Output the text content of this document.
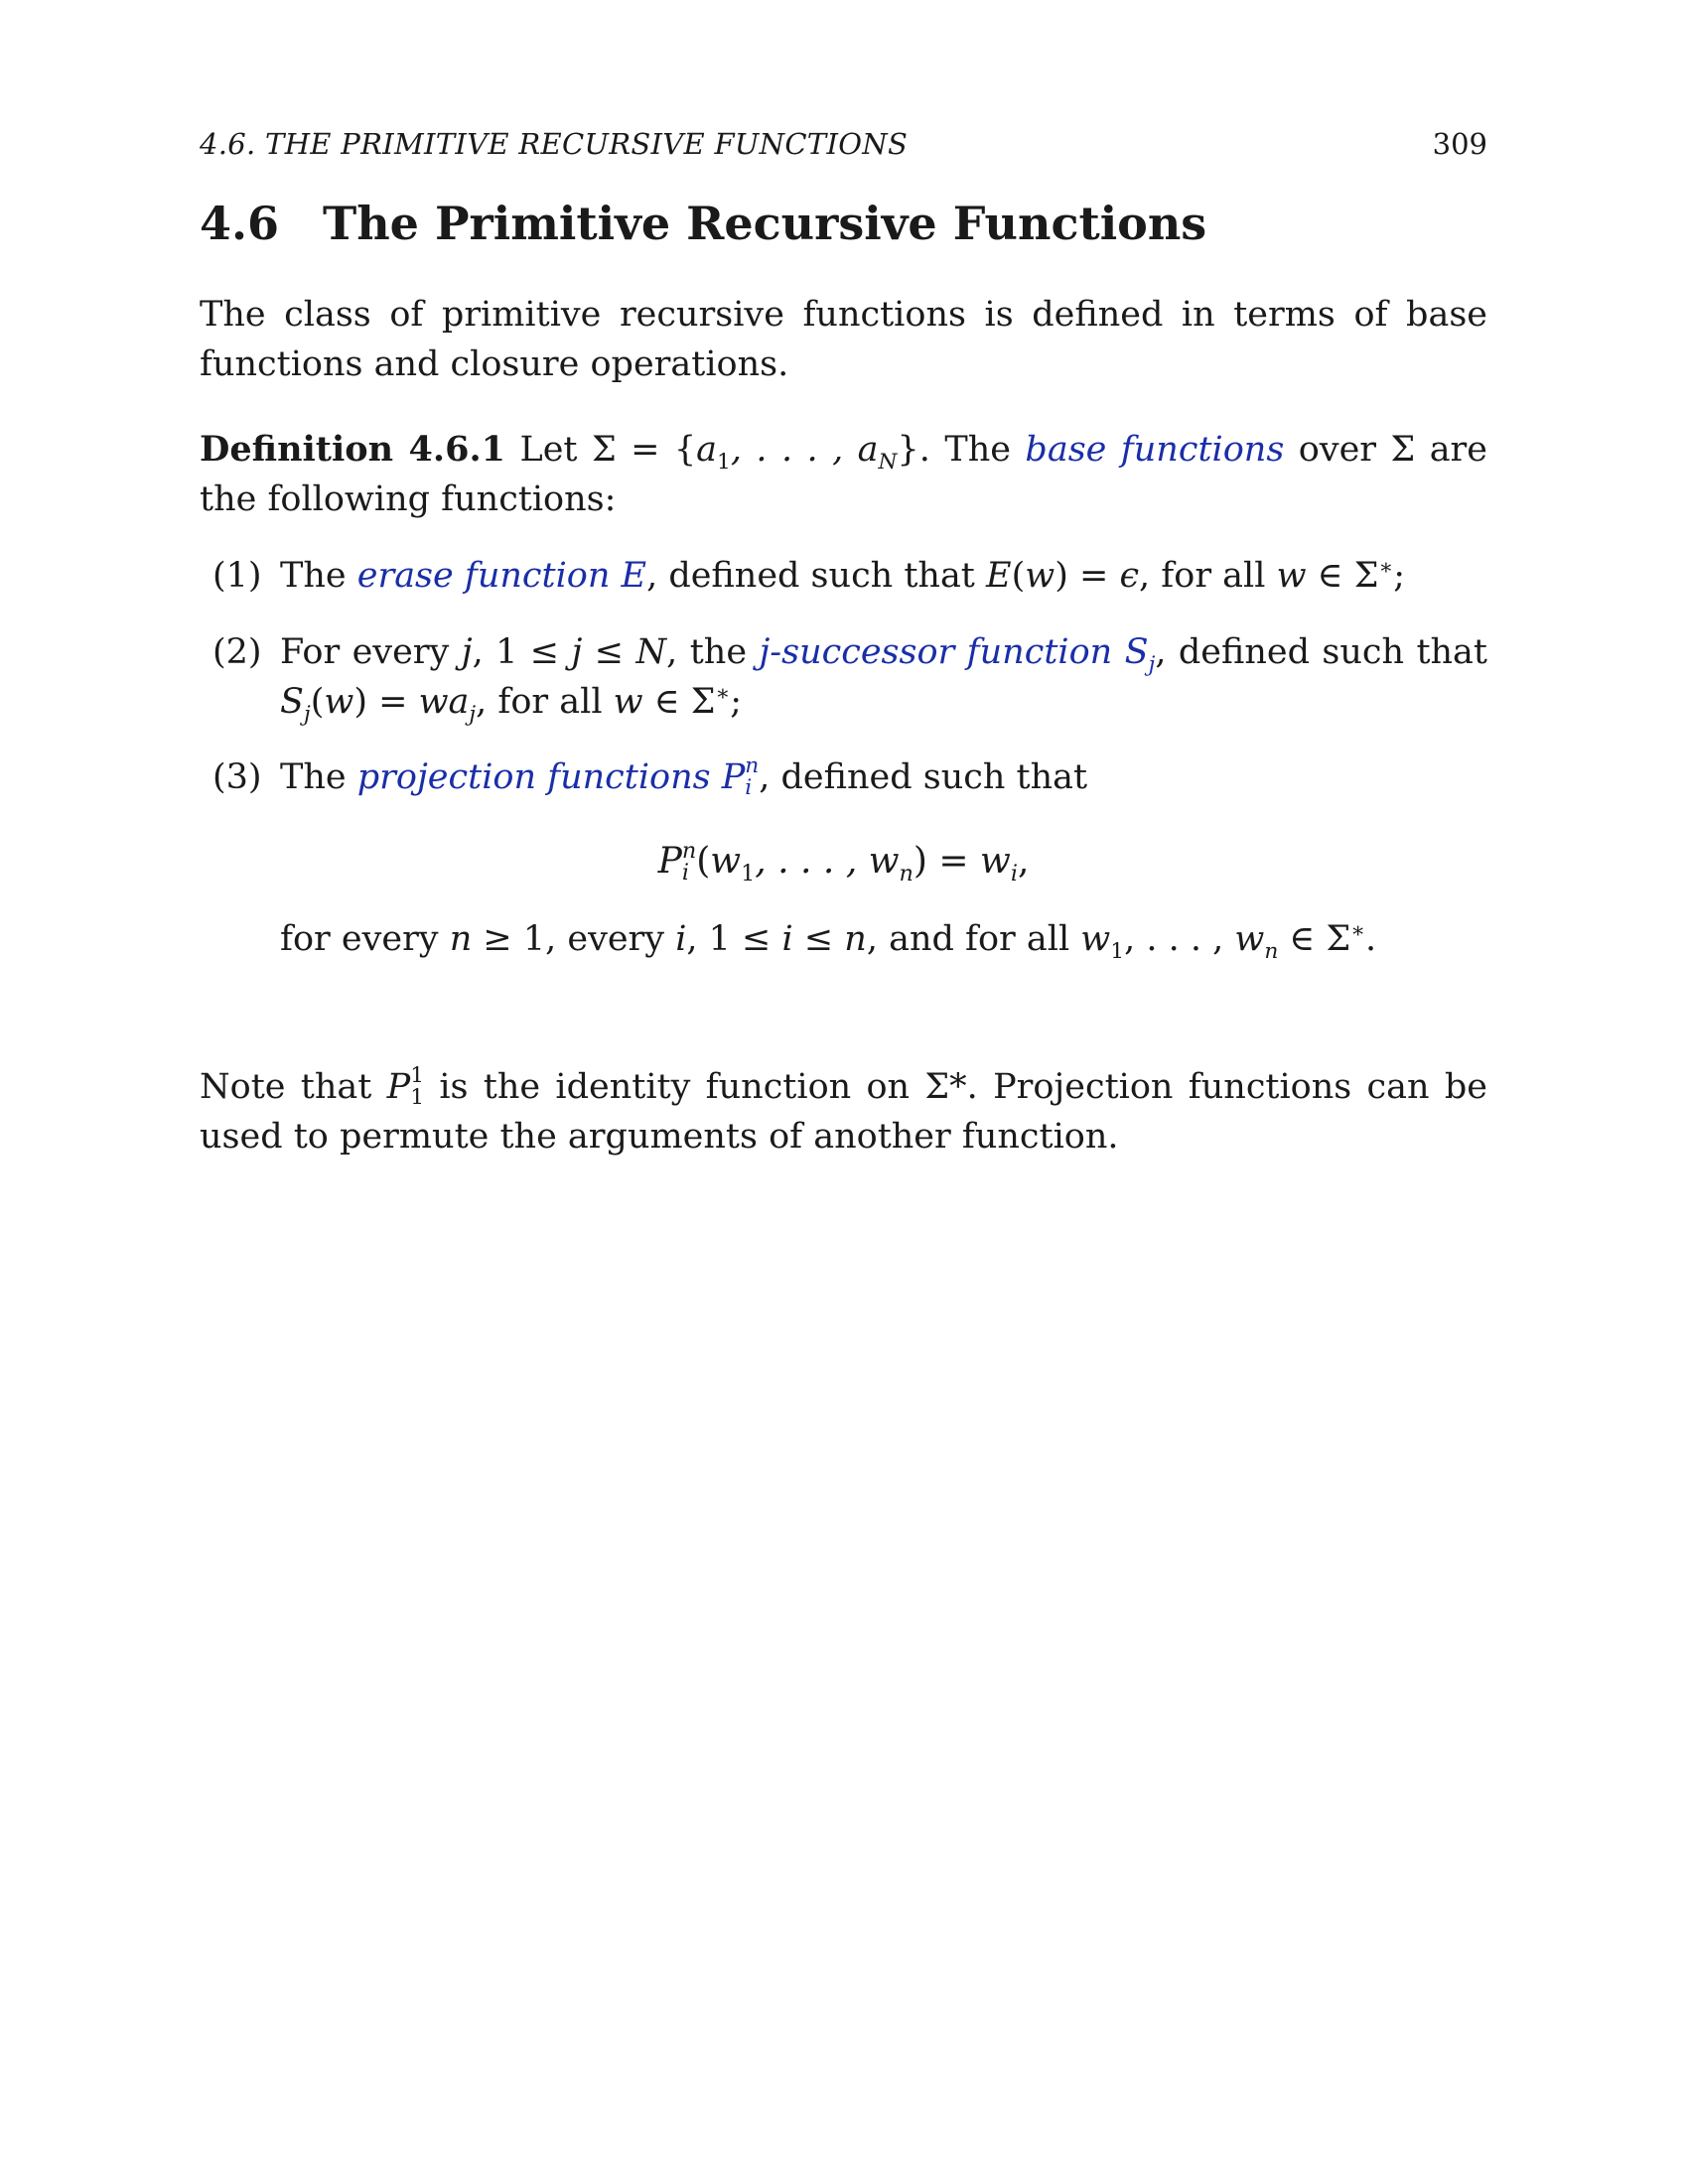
4.6. THE PRIMITIVE RECURSIVE FUNCTIONS	309
4.6 The Primitive Recursive Functions
The class of primitive recursive functions is defined in terms of base functions and closure operations.
Definition 4.6.1 Let $\Sigma = \{a_1$, . . . , $a_N$}. The base functions over Σ are the following functions:
(1) The erase function E, defined such that E(w) = ϵ, for all w ∈ Σ∗;
(2) For every j, 1 ≤ j ≤ N, the j-successor function $S_j$, defined such that $S_j(w) = wa_j$, for all w ∈ Σ∗;
(3) The projection functions P n
i , defined such that
P n
i ($w_1$, . . . , $w_n) = w_i$,
for every n ≥ 1, every i, 1 ≤ i ≤ n, and for all $w_1$, . . . , $w_n$ ∈ Σ∗.
Note that P 1
1 is the identity function on Σ*. Projection functions can be used to permute the arguments of another function.
